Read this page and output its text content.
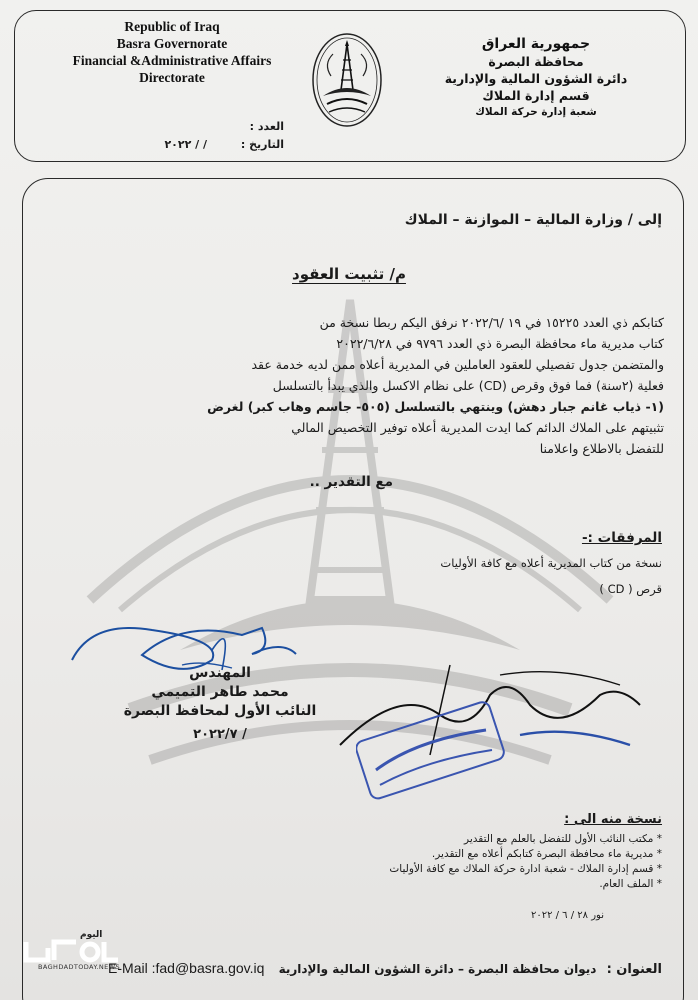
Republic of Iraq
Basra Governorate
Financial &Administrative Affairs
Directorate
جمهورية العراق
محافظة البصرة
دائرة الشؤون المالية والإدارية
قسم إدارة الملاك
شعبة إدارة حركة الملاك
العدد :
التاريخ : / / ٢٠٢٢
إلى / وزارة المالية – الموازنة – الملاك
م/ تثبيت العقود
كتابكم ذي العدد ١٥٢٢٥ في ١٩ /٢٠٢٢/٦ نرفق اليكم ربطا نسخة من
كتاب مديرية ماء محافظة البصرة ذي العدد ٩٧٩٦ في ٢٠٢٢/٦/٢٨
والمتضمن جدول تفصيلي للعقود العاملين في المديرية أعلاه ممن لديه خدمة عقد
فعلية (٢سنة) فما فوق وقرص (CD) على نظام الاكسل والذي يبدأ بالتسلسل
(١- ذياب غانم جبار دهش) وينتهي بالتسلسل (٥٠٥- جاسم وهاب كبر) لغرض
تثبيتهم على الملاك الدائم كما ايدت المديرية أعلاه توفير التخصيص المالي
للتفضل بالاطلاع واعلامنا
مع التقدير ..
المرفقات :-
نسخة من كتاب المديرية أعلاه مع كافة الأوليات
قرص ( CD )
المهندس
محمد طاهر التميمي
النائب الأول لمحافظ البصرة
/ ٢٠٢٢/٧
نسخة منه الى :
* مكتب النائب الأول للتفضل بالعلم مع التقدير
* مديرية ماء محافظة البصرة كتابكم أعلاه مع التقدير.
* قسم إدارة الملاك - شعبة ادارة حركة الملاك مع كافة الأوليات
* الملف العام.
نور ٢٨ / ٦ / ٢٠٢٢
العنوان : ديوان محافظة البصرة – دائرة الشؤون المالية والإدارية E-Mail :fad@basra.gov.iq
اليوم
BAGHDADTODAY.NEWS
